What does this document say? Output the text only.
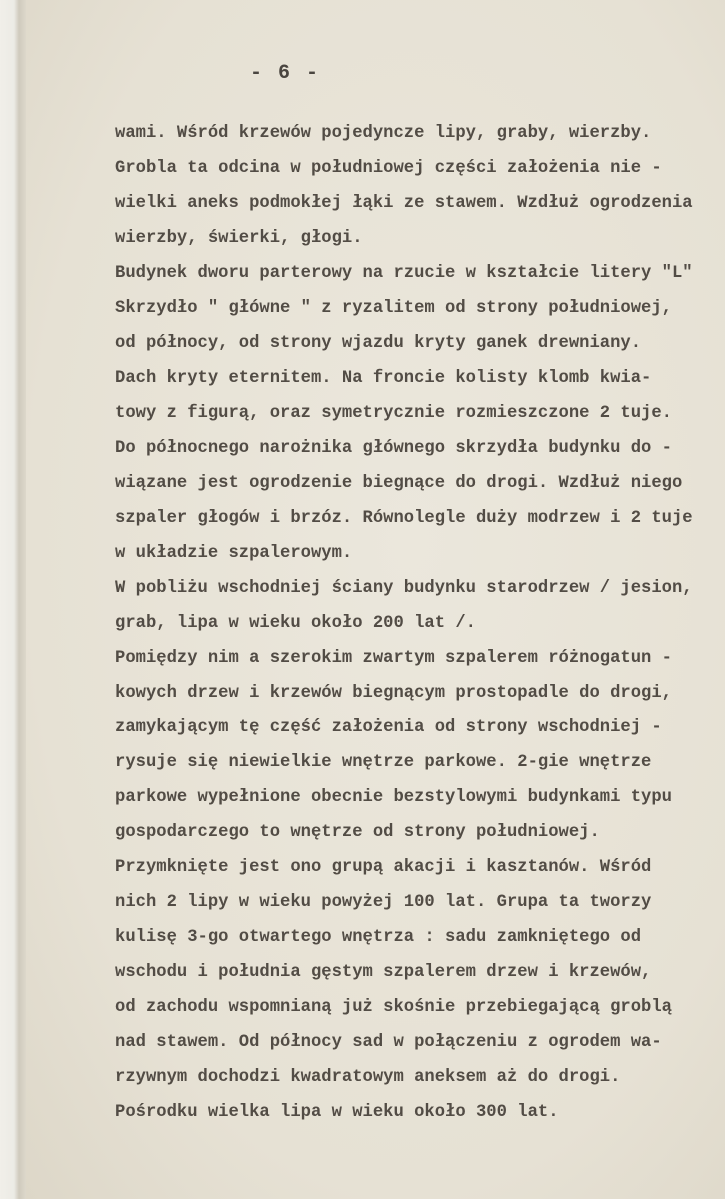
- 6 -
wami. Wśród krzewów pojedyncze lipy, graby, wierzby.
Grobla ta odcina w południowej części założenia nie -
wielki aneks podmokłej łąki ze stawem. Wzdłuż ogrodzenia
wierzby, świerki, głogi.
Budynek dworu parterowy na rzucie w kształcie litery "L"
Skrzydło " główne " z ryzalitem od strony południowej,
od północy, od strony wjazdu kryty ganek drewniany.
Dach kryty eternitem. Na froncie kolisty klomb kwia-
towy z figurą, oraz symetrycznie rozmieszczone 2 tuje.
Do północnego narożnika głównego skrzydła budynku do -
wiązane jest ogrodzenie biegnące do drogi. Wzdłuż niego
szpaler głogów i brzóz. Równolegle duży modrzew i 2 tuje
w układzie szpalerowym.
W pobliżu wschodniej ściany budynku starodrzew / jesion,
grab, lipa w wieku około 200 lat /.
Pomiędzy nim a szerokim zwartym szpalerem różnogatun -
kowych drzew i krzewów biegnącym prostopadle do drogi,
zamykającym tę część założenia od strony wschodniej -
rysuje się niewielkie wnętrze parkowe. 2-gie wnętrze
parkowe wypełnione obecnie bezstylowymi budynkami typu
gospodarczego to wnętrze od strony południowej.
Przymknięte jest ono grupą akacji i kasztanów. Wśród
nich 2 lipy w wieku powyżej 100 lat. Grupa ta tworzy
kulisę 3-go otwartego wnętrza : sadu zamkniętego od
wschodu i południa gęstym szpalerem drzew i krzewów,
od zachodu wspomnianą już skośnie przebiegającą groblą
nad stawem. Od północy sad w połączeniu z ogrodem wa-
rzywnym dochodzi kwadratowym aneksem aż do drogi.
Pośrodku wielka lipa w wieku około 300 lat.
